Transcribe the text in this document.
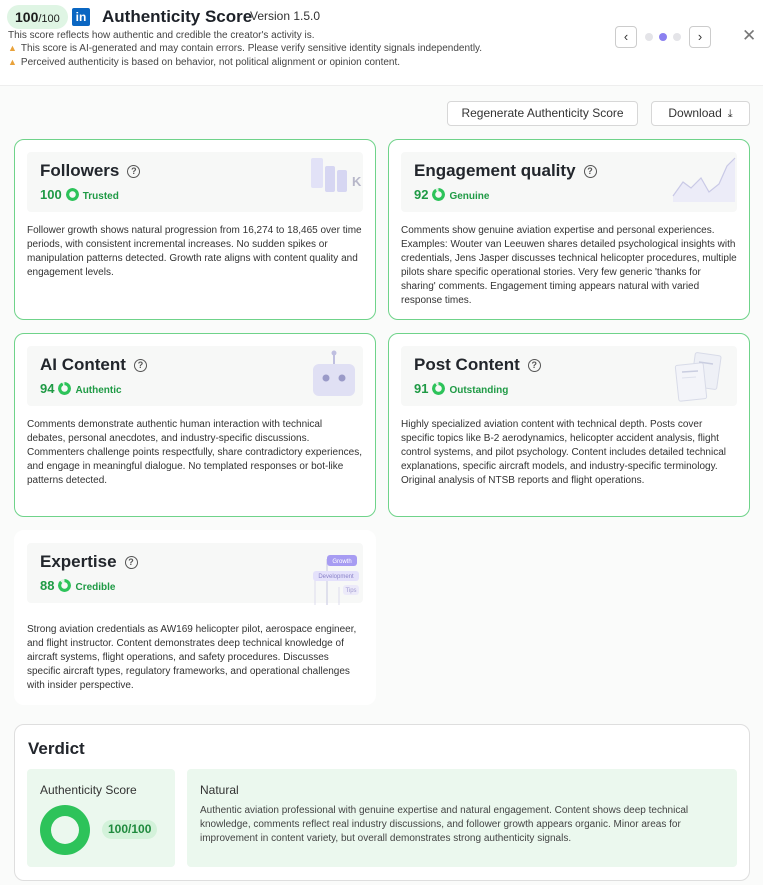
100/100	in Authenticity Score
Version 1.5.0
This score reflects how authentic and credible the creator's activity is.
▲ This score is AI-generated and may contain errors. Please verify sensitive identity signals independently.
▲ Perceived authenticity is based on behavior, not political alignment or opinion content.
‹	›	✕
Regenerate Authenticity Score	Download ⤓
Followers ?
100 Trusted
K
Follower growth shows natural progression from 16,274 to 18,465 over time periods, with consistent incremental increases. No sudden spikes or manipulation patterns detected. Growth rate aligns with content quality and engagement levels.
Engagement quality ?
92 Genuine
Comments show genuine aviation expertise and personal experiences. Examples: Wouter van Leeuwen shares detailed psychological insights with credentials, Jens Jasper discusses technical helicopter procedures, multiple pilots share specific operational stories. Very few generic 'thanks for sharing' comments. Engagement timing appears natural with varied response times.
AI Content ?
94 Authentic
Comments demonstrate authentic human interaction with technical debates, personal anecdotes, and industry-specific discussions. Commenters challenge points respectfully, share contradictory experiences, and engage in meaningful dialogue. No templated responses or bot-like patterns detected.
Post Content ?
91 Outstanding
Highly specialized aviation content with technical depth. Posts cover specific topics like B-2 aerodynamics, helicopter accident analysis, flight control systems, and pilot psychology. Content includes detailed technical explanations, specific aircraft models, and industry-specific terminology. Original analysis of NTSB reports and flight operations.
Expertise ?
88 Credible
Growth
Development
Tips
Strong aviation credentials as AW169 helicopter pilot, aerospace engineer, and flight instructor. Content demonstrates deep technical knowledge of aircraft systems, flight operations, and safety procedures. Discusses specific aircraft types, regulatory frameworks, and operational challenges with insider perspective.
Verdict
Authenticity Score
100/100
Natural
Authentic aviation professional with genuine expertise and natural engagement. Content shows deep technical knowledge, comments reflect real industry discussions, and follower growth appears organic. Minor areas for improvement in content variety, but overall demonstrates strong authenticity signals.
